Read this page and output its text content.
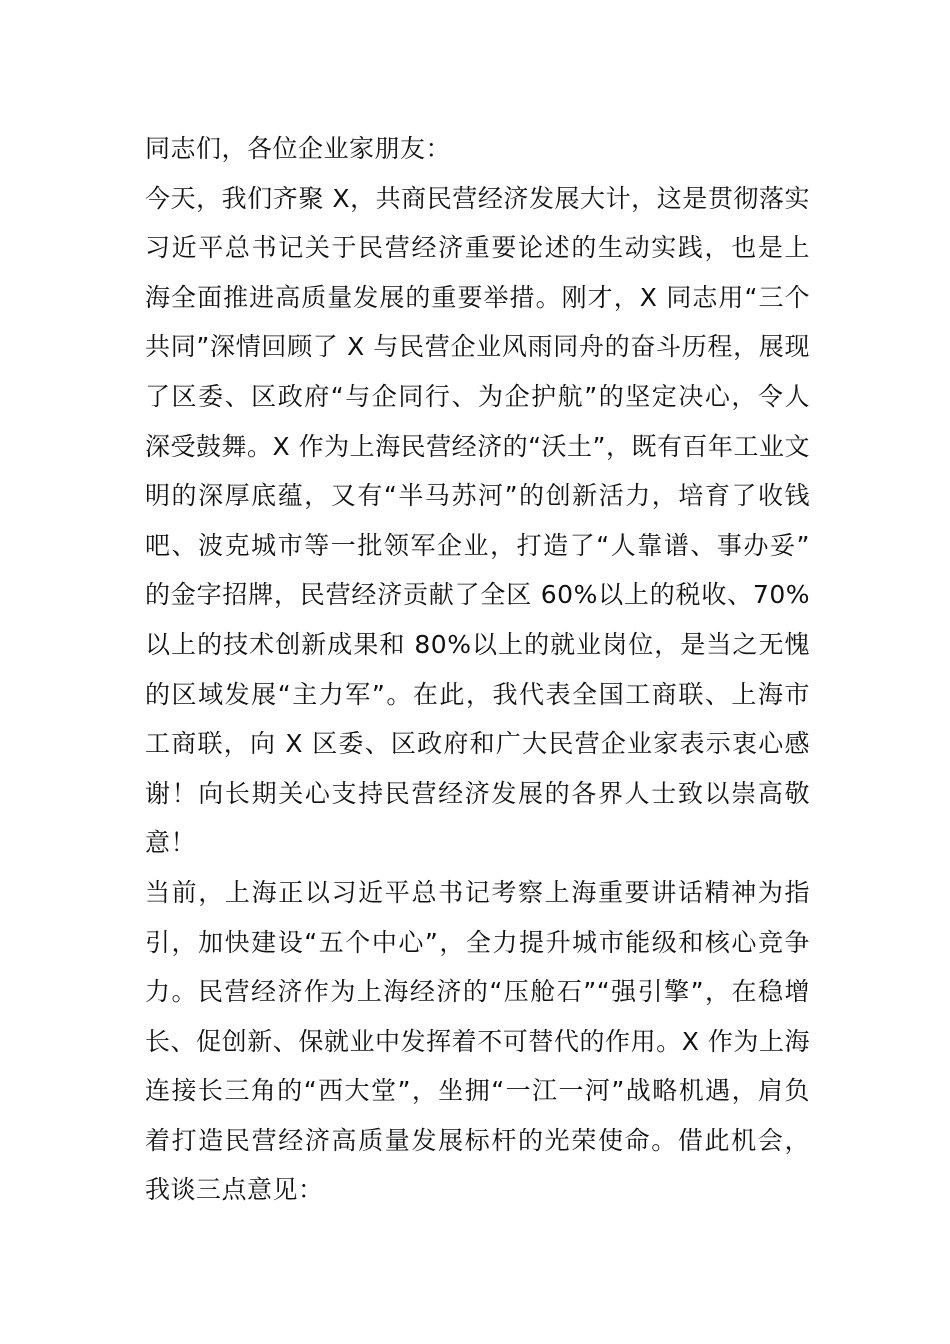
同志们，各位企业家朋友：
今天，我们齐聚 X，共商民营经济发展大计，这是贯彻落实
习近平总书记关于民营经济重要论述的生动实践，也是上
海全面推进高质量发展的重要举措。刚才，X 同志用“三个
共同”深情回顾了 X 与民营企业风雨同舟的奋斗历程，展现
了区委、区政府“与企同行、为企护航”的坚定决心，令人
深受鼓舞。X 作为上海民营经济的“沃土”，既有百年工业文
明的深厚底蕴，又有“半马苏河”的创新活力，培育了收钱
吧、波克城市等一批领军企业，打造了“人靠谱、事办妥”
的金字招牌，民营经济贡献了全区 60%以上的税收、70%
以上的技术创新成果和 80%以上的就业岗位，是当之无愧
的区域发展“主力军”。在此，我代表全国工商联、上海市
工商联，向 X 区委、区政府和广大民营企业家表示衷心感
谢！向长期关心支持民营经济发展的各界人士致以崇高敬
意！
当前，上海正以习近平总书记考察上海重要讲话精神为指
引，加快建设“五个中心”，全力提升城市能级和核心竞争
力。民营经济作为上海经济的“压舱石”“强引擎”，在稳增
长、促创新、保就业中发挥着不可替代的作用。X 作为上海
连接长三角的“西大堂”，坐拥“一江一河”战略机遇，肩负
着打造民营经济高质量发展标杆的光荣使命。借此机会，
我谈三点意见：
